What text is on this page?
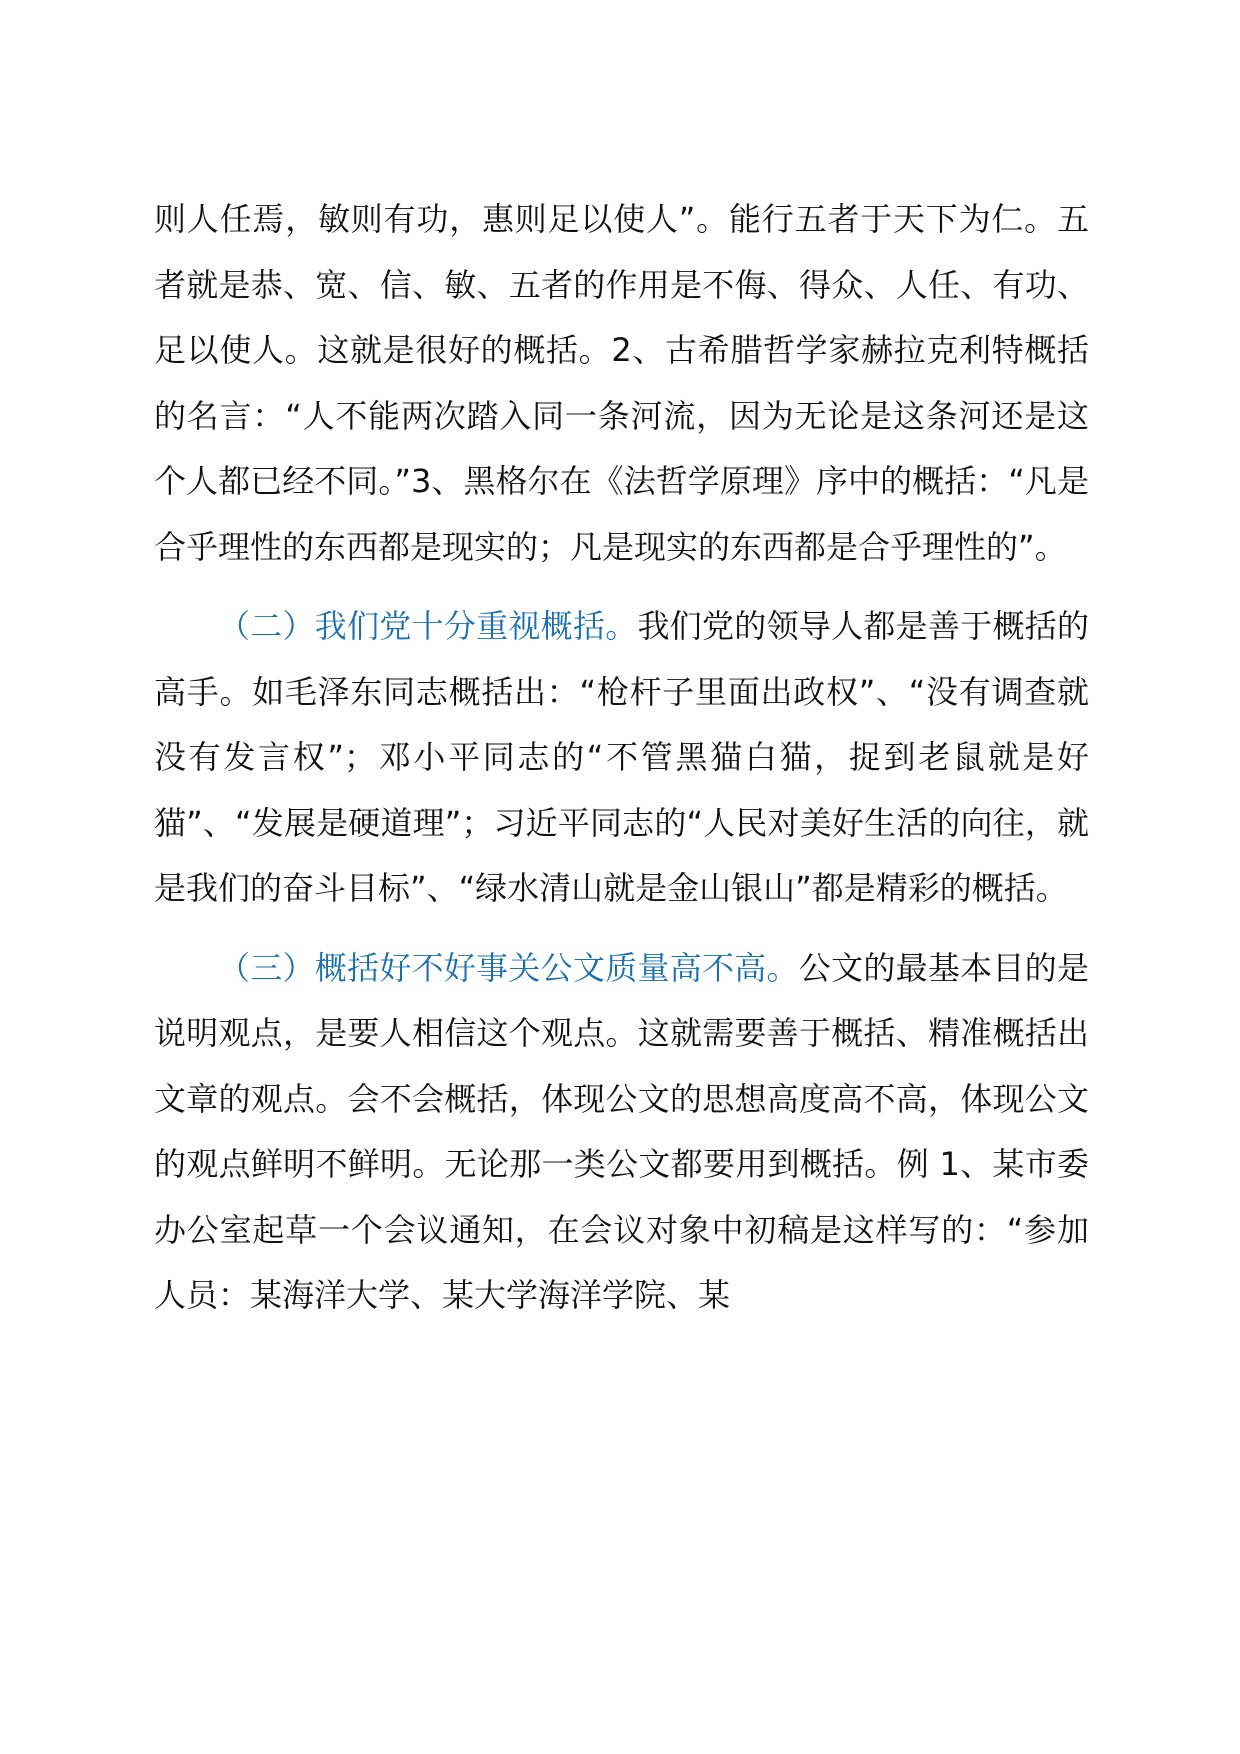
则人任焉，敏则有功，惠则足以使人”。能行五者于天下为仁。五者就是恭、宽、信、敏、五者的作用是不侮、得众、人任、有功、足以使人。这就是很好的概括。2、古希腊哲学家赫拉克利特概括的名言：“人不能两次踏入同一条河流，因为无论是这条河还是这个人都已经不同。”3、黑格尔在《法哲学原理》序中的概括：“凡是合乎理性的东西都是现实的；凡是现实的东西都是合乎理性的”。

（二）我们党十分重视概括。我们党的领导人都是善于概括的高手。如毛泽东同志概括出：“枪杆子里面出政权”、“没有调查就没有发言权”；邓小平同志的“不管黑猫白猫，捉到老鼠就是好猫”、“发展是硬道理”；习近平同志的“人民对美好生活的向往，就是我们的奋斗目标”、“绿水清山就是金山银山”都是精彩的概括。

（三）概括好不好事关公文质量高不高。公文的最基本目的是说明观点，是要人相信这个观点。这就需要善于概括、精准概括出文章的观点。会不会概括，体现公文的思想高度高不高，体现公文的观点鲜明不鲜明。无论那一类公文都要用到概括。例 1、某市委办公室起草一个会议通知，在会议对象中初稿是这样写的：“参加人员：某海洋大学、某大学海洋学院、某
